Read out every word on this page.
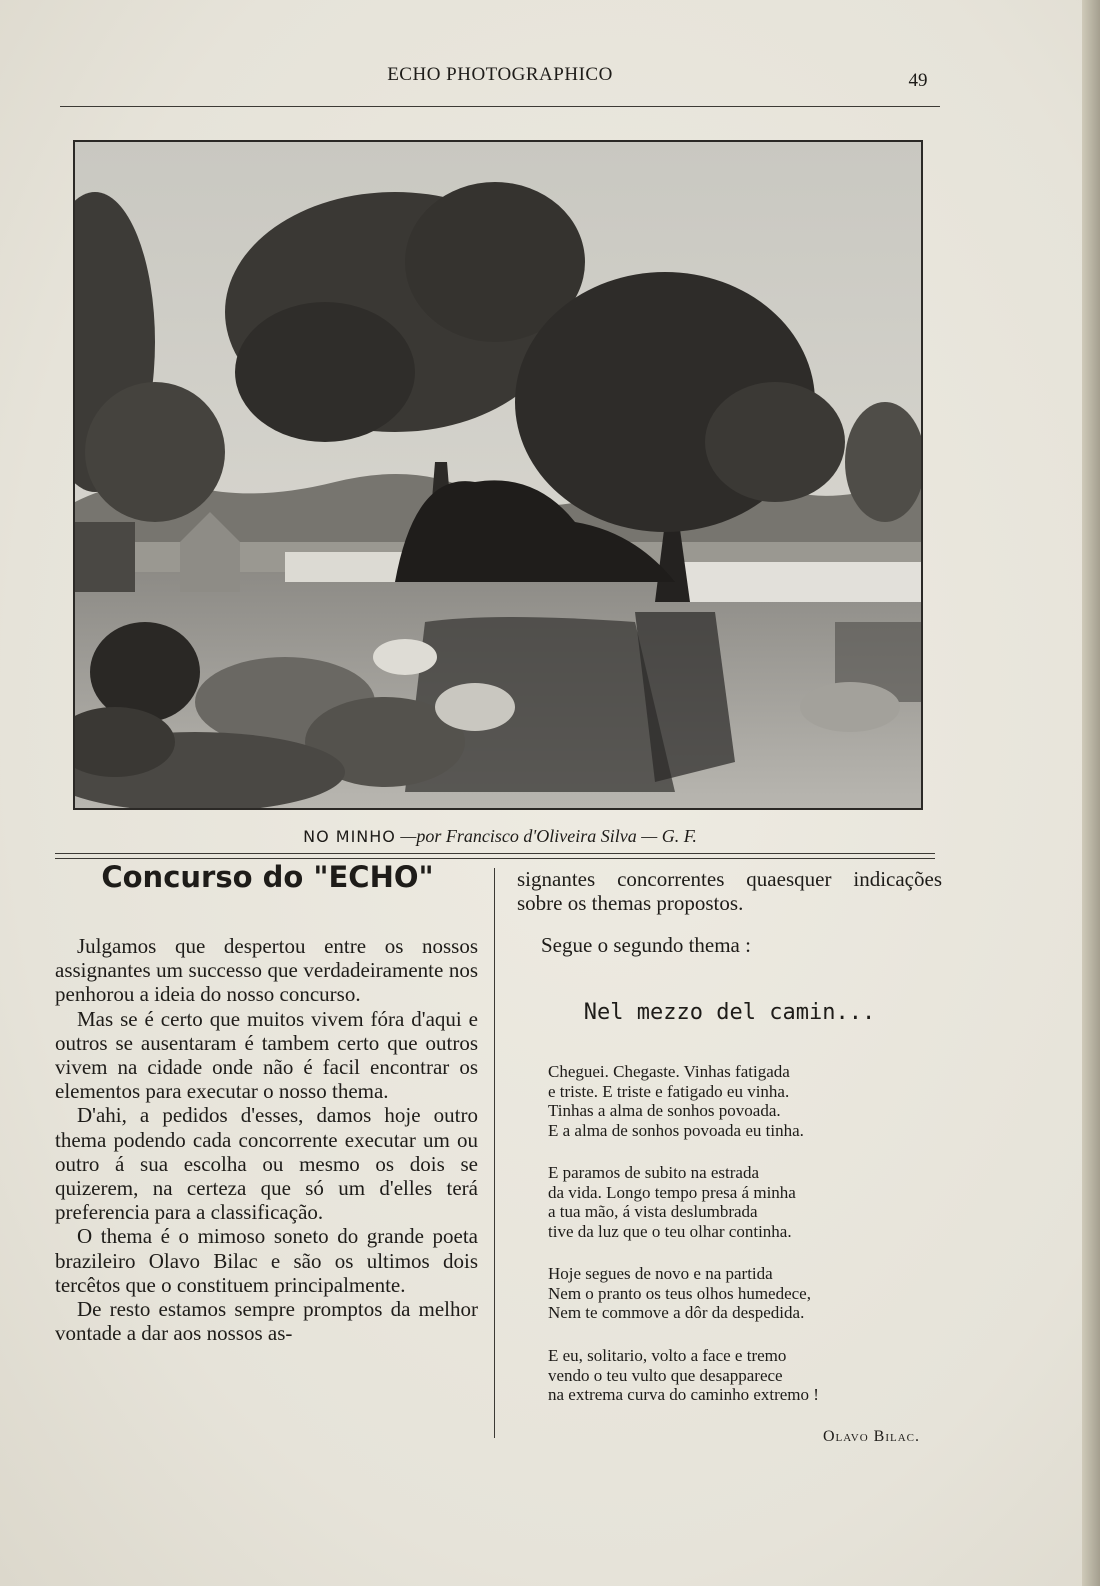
ECHO PHOTOGRAPHICO	49
NO MINHO —por Francisco d'Oliveira Silva — G. F.
Concurso do "ECHO"

Julgamos que despertou entre os nossos assignantes um successo que verdadeiramente nos penhorou a ideia do nosso concurso.

Mas se é certo que muitos vivem fóra d'aqui e outros se ausentaram é tambem certo que outros vivem na cidade onde não é facil encontrar os elementos para executar o nosso thema.

D'ahi, a pedidos d'esses, damos hoje outro thema podendo cada concorrente executar um ou outro á sua escolha ou mesmo os dois se quizerem, na certeza que só um d'elles terá preferencia para a classificação.

O thema é o mimoso soneto do grande poeta brazileiro Olavo Bilac e são os ultimos dois tercêtos que o constituem principalmente.

De resto estamos sempre promptos da melhor vontade a dar aos nossos as-

signantes concorrentes quaesquer indicações sobre os themas propostos.

Segue o segundo thema :

Nel mezzo del camin...
Cheguei. Chegaste. Vinhas fatigada
e triste. E triste e fatigado eu vinha.
Tinhas a alma de sonhos povoada.
E a alma de sonhos povoada eu tinha.
E paramos de subito na estrada
da vida. Longo tempo presa á minha
a tua mão, á vista deslumbrada
tive da luz que o teu olhar continha.
Hoje segues de novo e na partida
Nem o pranto os teus olhos humedece,
Nem te commove a dôr da despedida.
E eu, solitario, volto a face e tremo
vendo o teu vulto que desapparece
na extrema curva do caminho extremo !
Olavo Bilac.
